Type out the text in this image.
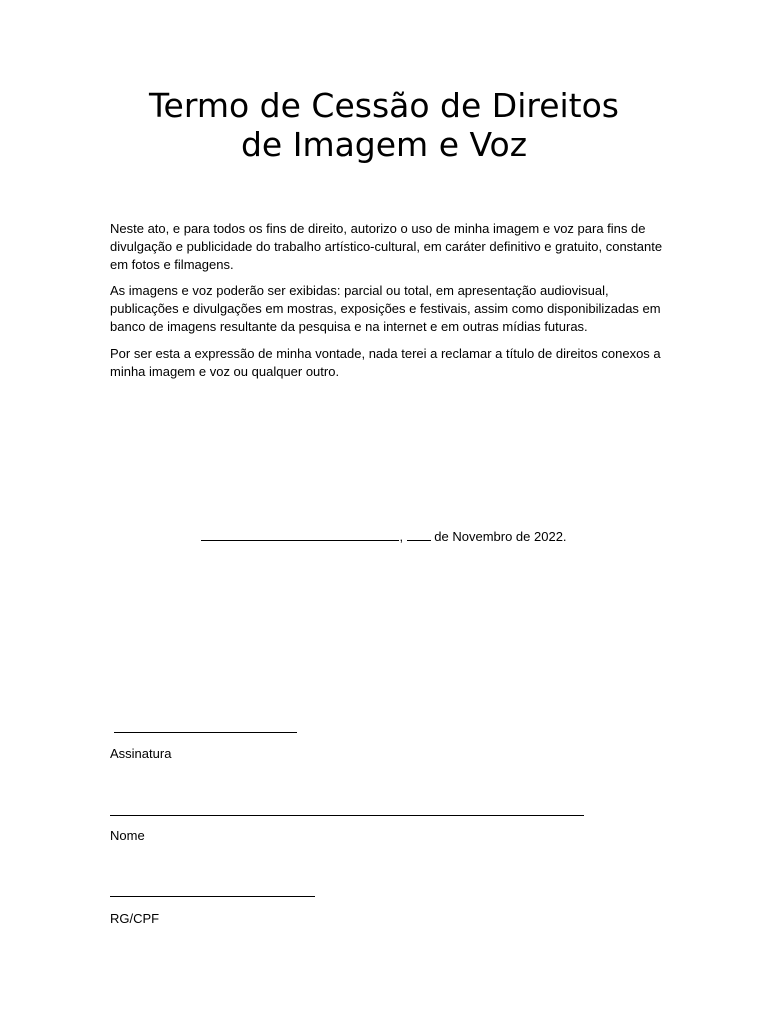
Termo de Cessão de Direitos
de Imagem e Voz

Neste ato, e para todos os fins de direito, autorizo o uso de minha imagem e voz para fins de divulgação e publicidade do trabalho artístico-cultural, em caráter definitivo e gratuito, constante em fotos e filmagens.

As imagens e voz poderão ser exibidas: parcial ou total, em apresentação audiovisual, publicações e divulgações em mostras, exposições e festivais, assim como disponibilizadas em banco de imagens resultante da pesquisa e na internet e em outras mídias futuras.

Por ser esta a expressão de minha vontade, nada terei a reclamar a título de direitos conexos a minha imagem e voz ou qualquer outro.

,  de Novembro de 2022.
Assinatura
Nome
RG/CPF
